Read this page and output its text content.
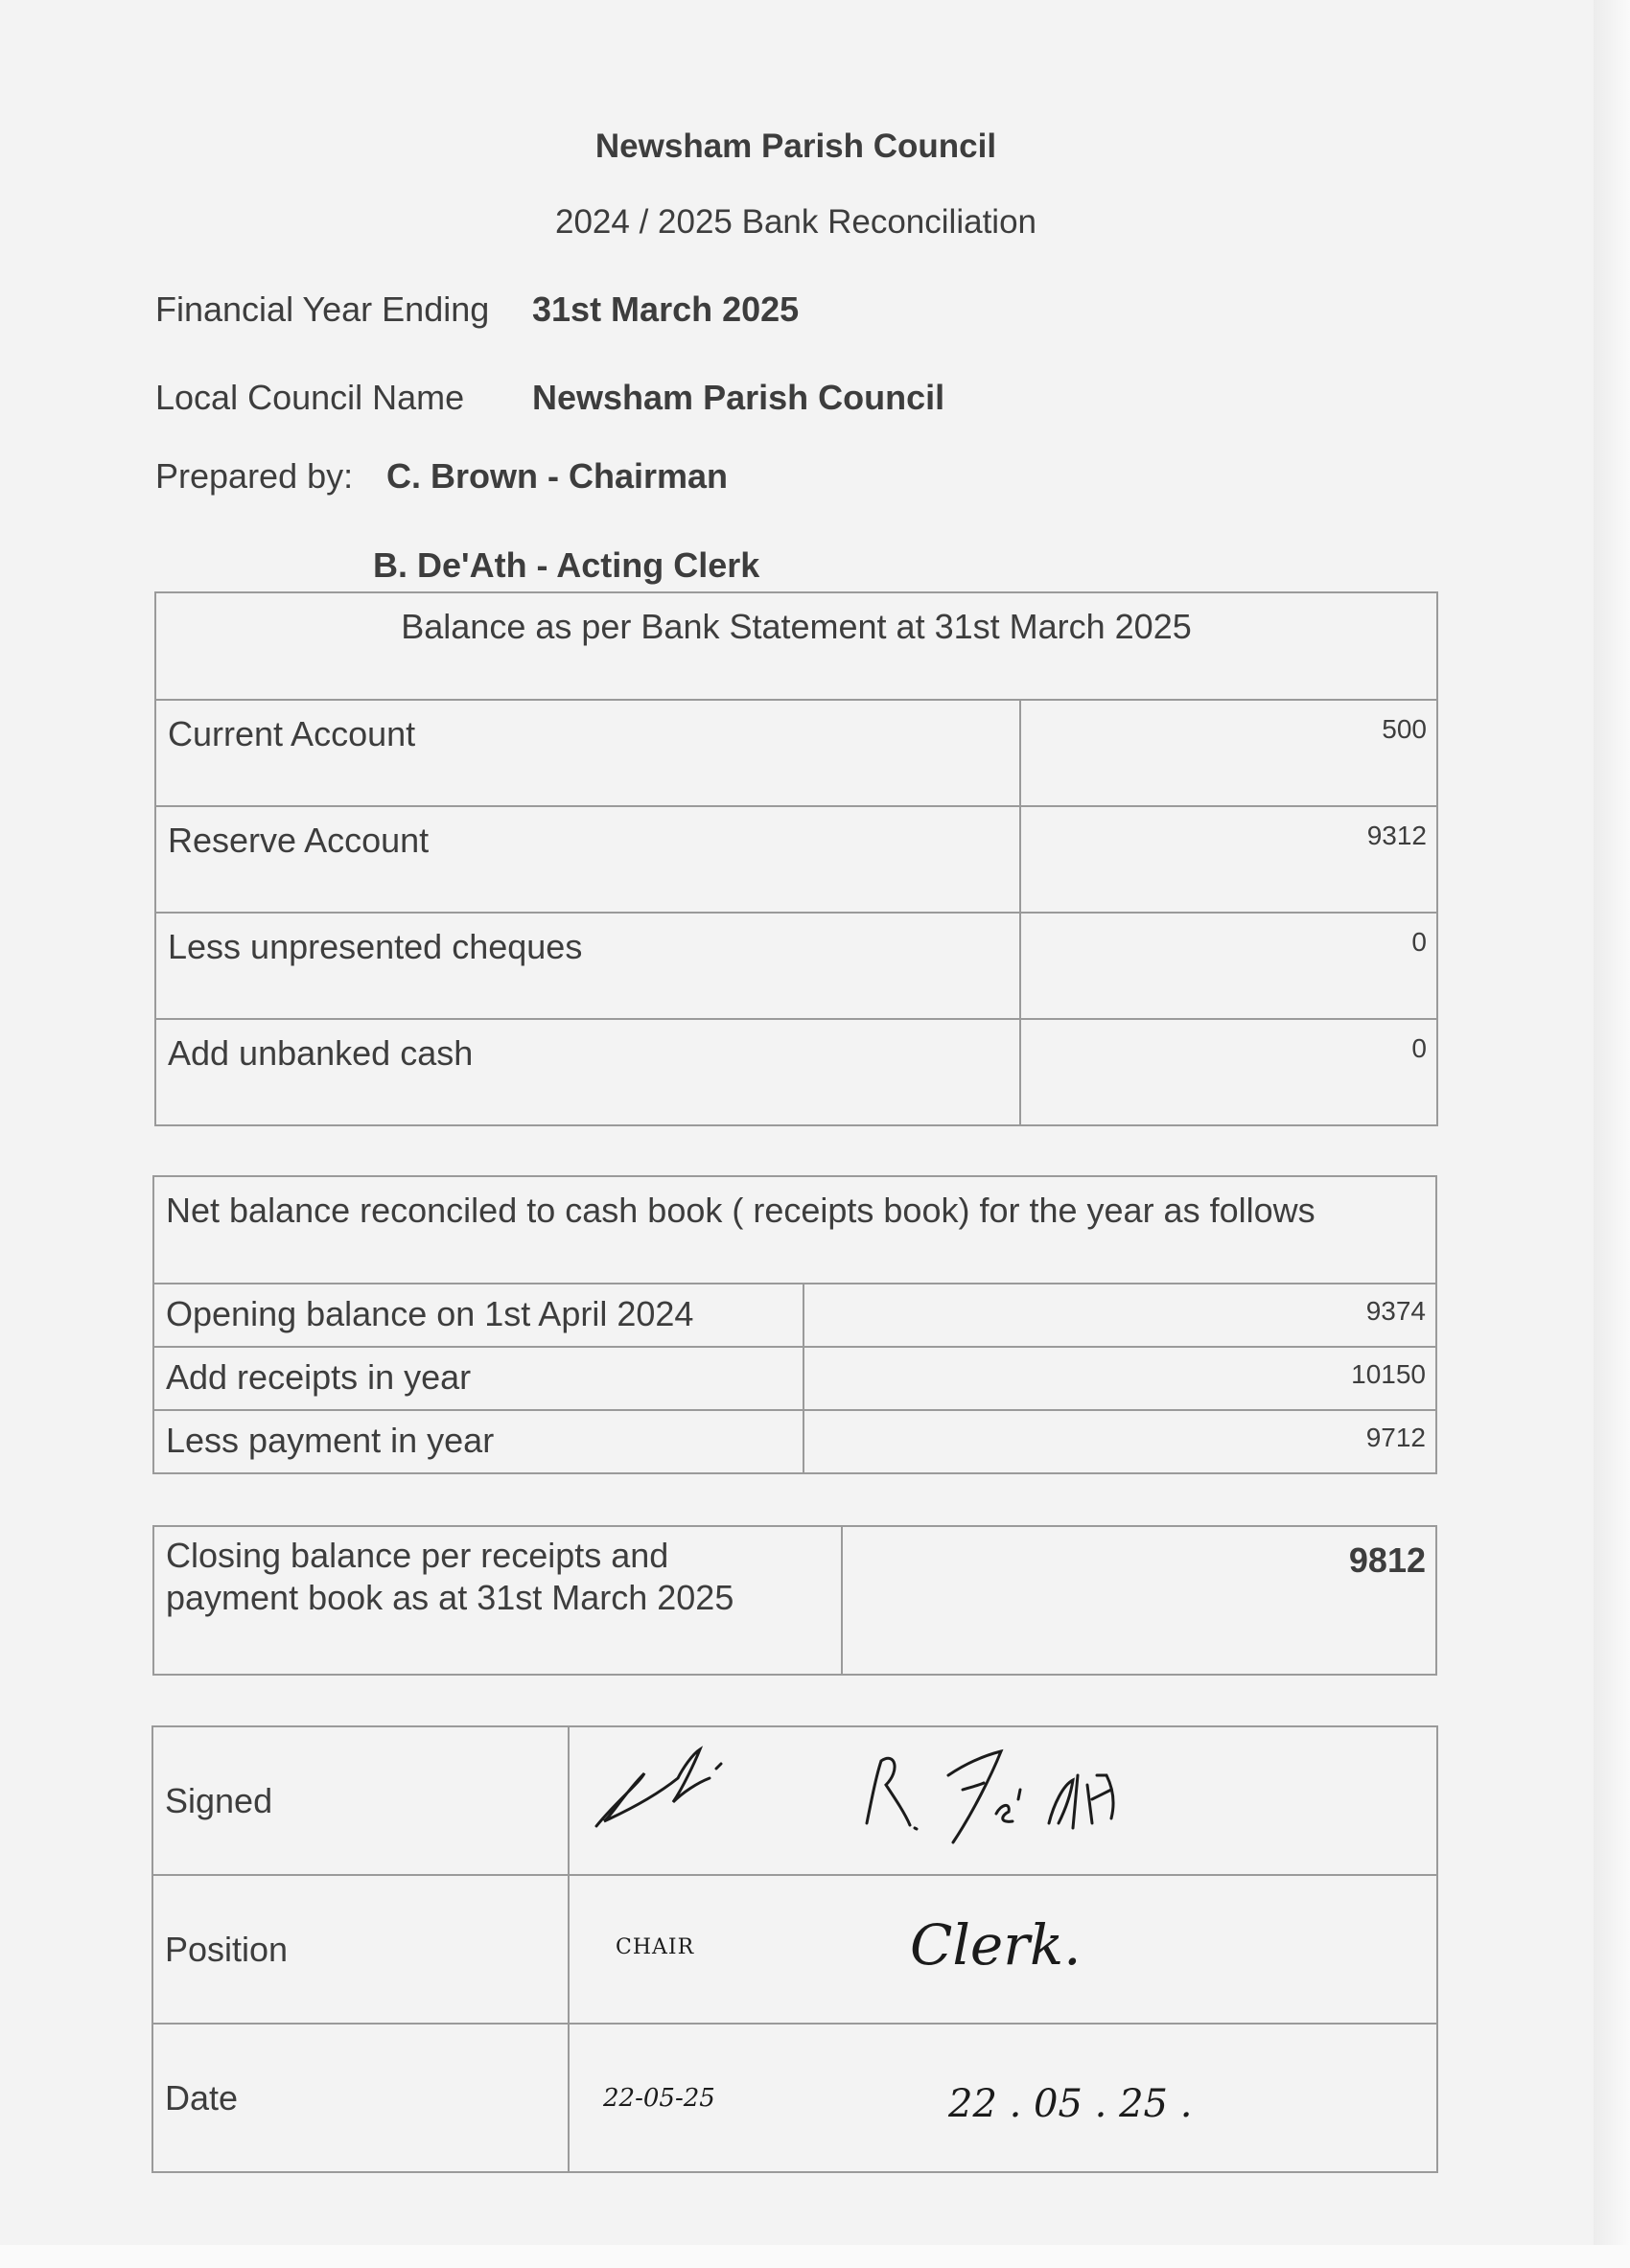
Newsham Parish Council
2024 / 2025 Bank Reconciliation
Financial Year Ending 31st March 2025
Local Council Name Newsham Parish Council
Prepared by: C. Brown - Chairman
B. De'Ath - Acting Clerk
Balance as per Bank Statement at 31st March 2025	
Current Account	500
Reserve Account	9312
Less unpresented cheques	0
Add unbanked cash	0
Net balance reconciled to cash book ( receipts book) for the year as follows	
Opening balance on 1st April 2024	9374
Add receipts in year	10150
Less payment in year	9712
Closing balance per receipts and payment book as at 31st March 2025	9812
Signed	

Position	CHAIR Clerk.

Date	22-05-25 22 . 05 . 25 .
